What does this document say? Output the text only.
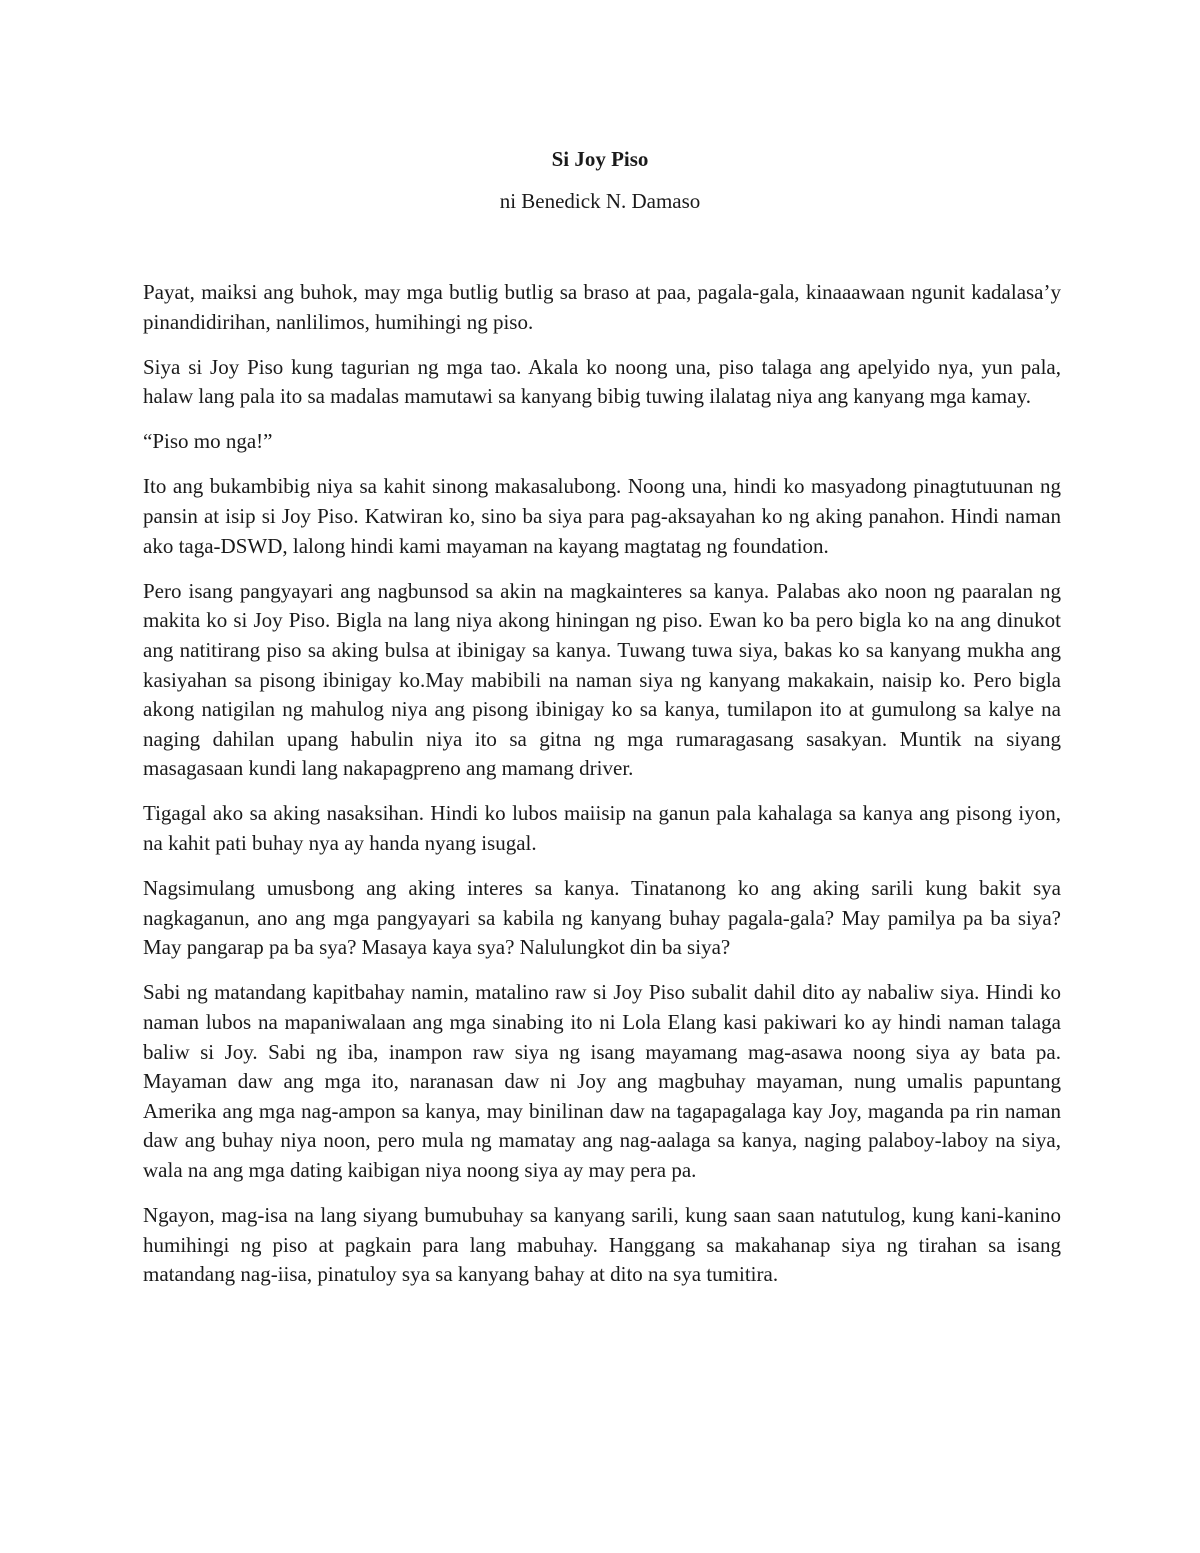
Si Joy Piso

ni Benedick N. Damaso

Payat, maiksi ang buhok, may mga butlig butlig sa braso at paa, pagala-gala, kinaaawaan ngunit kadalasa’y pinandidirihan, nanlilimos, humihingi ng piso.

Siya si Joy Piso kung tagurian ng mga tao. Akala ko noong una, piso talaga ang apelyido nya, yun pala, halaw lang pala ito sa madalas mamutawi sa kanyang bibig tuwing ilalatag niya ang kanyang mga kamay.

“Piso mo nga!”

Ito ang bukambibig niya sa kahit sinong makasalubong. Noong una, hindi ko masyadong pinagtutuunan ng pansin at isip si Joy Piso. Katwiran ko, sino ba siya para pag-aksayahan ko ng aking panahon. Hindi naman ako taga-DSWD, lalong hindi kami mayaman na kayang magtatag ng foundation.

Pero isang pangyayari ang nagbunsod sa akin na magkainteres sa kanya. Palabas ako noon ng paaralan ng makita ko si Joy Piso. Bigla na lang niya akong hiningan ng piso. Ewan ko ba pero bigla ko na ang dinukot ang natitirang piso sa aking bulsa at ibinigay sa kanya. Tuwang tuwa siya, bakas ko sa kanyang mukha ang kasiyahan sa pisong ibinigay ko.May mabibili na naman siya ng kanyang makakain, naisip ko. Pero bigla akong natigilan ng mahulog niya ang pisong ibinigay ko sa kanya, tumilapon ito at gumulong sa kalye na naging dahilan upang habulin niya ito sa gitna ng mga rumaragasang sasakyan. Muntik na siyang masagasaan kundi lang nakapagpreno ang mamang driver.

Tigagal ako sa aking nasaksihan. Hindi ko lubos maiisip na ganun pala kahalaga sa kanya ang pisong iyon, na kahit pati buhay nya ay handa nyang isugal.

Nagsimulang umusbong ang aking interes sa kanya. Tinatanong ko ang aking sarili kung bakit sya nagkaganun, ano ang mga pangyayari sa kabila ng kanyang buhay pagala-gala? May pamilya pa ba siya? May pangarap pa ba sya? Masaya kaya sya? Nalulungkot din ba siya?

Sabi ng matandang kapitbahay namin, matalino raw si Joy Piso subalit dahil dito ay nabaliw siya. Hindi ko naman lubos na mapaniwalaan ang mga sinabing ito ni Lola Elang kasi pakiwari ko ay hindi naman talaga baliw si Joy. Sabi ng iba, inampon raw siya ng isang mayamang mag-asawa noong siya ay bata pa. Mayaman daw ang mga ito, naranasan daw ni Joy ang magbuhay mayaman, nung umalis papuntang Amerika ang mga nag-ampon sa kanya, may binilinan daw na tagapagalaga kay Joy, maganda pa rin naman daw ang buhay niya noon, pero mula ng mamatay ang nag-aalaga sa kanya, naging palaboy-laboy na siya, wala na ang mga dating kaibigan niya noong siya ay may pera pa.

Ngayon, mag-isa na lang siyang bumubuhay sa kanyang sarili, kung saan saan natutulog, kung kani-kanino humihingi ng piso at pagkain para lang mabuhay. Hanggang sa makahanap siya ng tirahan sa isang matandang nag-iisa, pinatuloy sya sa kanyang bahay at dito na sya tumitira.
